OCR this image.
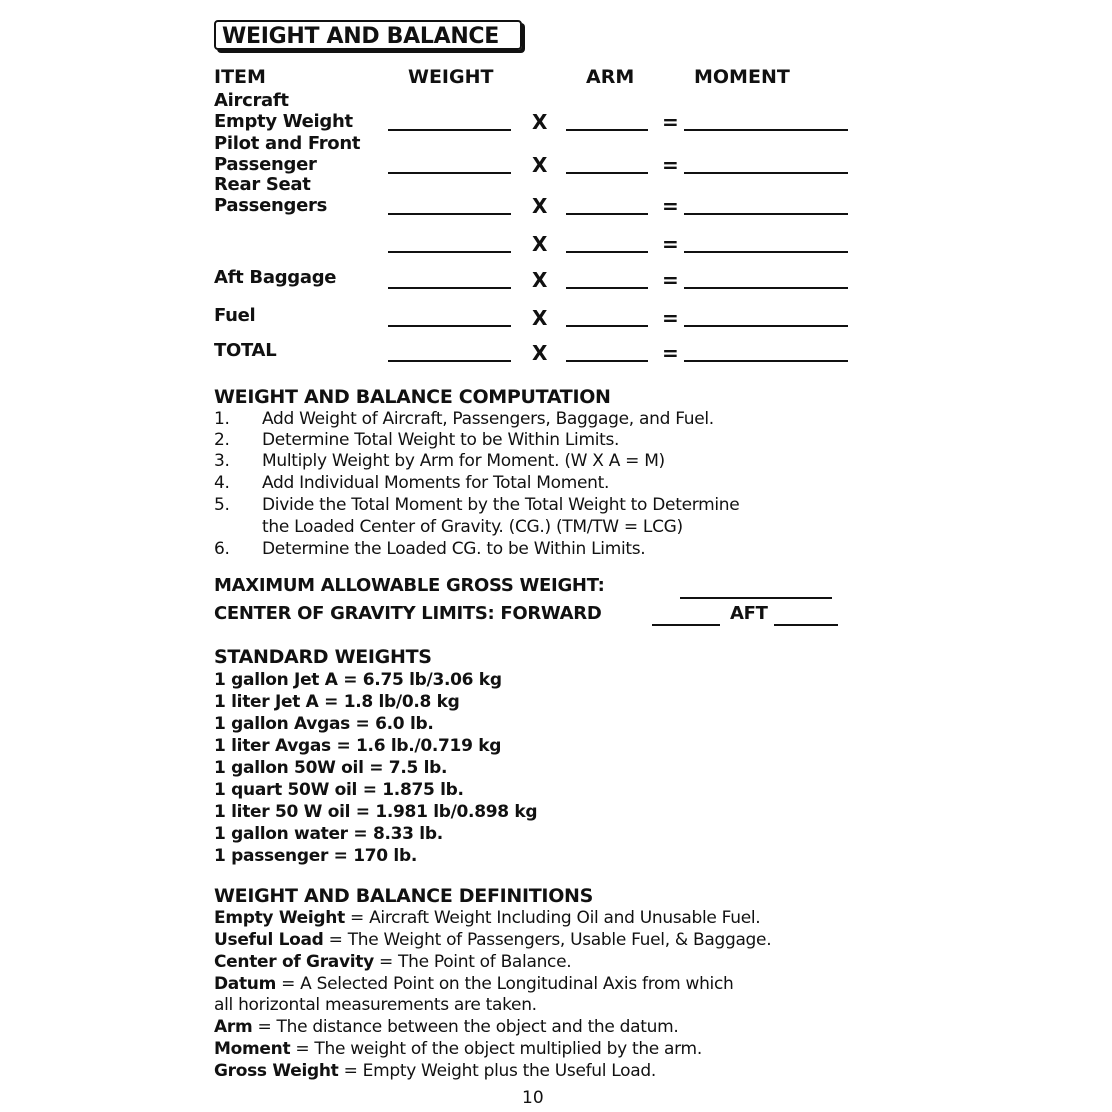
WEIGHT AND BALANCE
ITEM	WEIGHT	ARM	MOMENT
Aircraft
Empty Weight	X	=
Pilot and Front
Passenger	X	=
Rear Seat
Passengers	X	=
X	=
Aft Baggage	X	=
Fuel	X	=
TOTAL	X	=
WEIGHT AND BALANCE COMPUTATION
1. Add Weight of Aircraft, Passengers, Baggage, and Fuel.
2. Determine Total Weight to be Within Limits.
3. Multiply Weight by Arm for Moment. (W X A = M)
4. Add Individual Moments for Total Moment.
5. Divide the Total Moment by the Total Weight to Determine
the Loaded Center of Gravity. (CG.) (TM/TW = LCG)
6. Determine the Loaded CG. to be Within Limits.
MAXIMUM ALLOWABLE GROSS WEIGHT:
CENTER OF GRAVITY LIMITS: FORWARD	AFT
STANDARD WEIGHTS
1 gallon Jet A = 6.75 lb/3.06 kg
1 liter Jet A = 1.8 lb/0.8 kg
1 gallon Avgas = 6.0 lb.
1 liter Avgas = 1.6 lb./0.719 kg
1 gallon 50W oil = 7.5 lb.
1 quart 50W oil = 1.875 lb.
1 liter 50 W oil = 1.981 lb/0.898 kg
1 gallon water = 8.33 lb.
1 passenger = 170 lb.
WEIGHT AND BALANCE DEFINITIONS
Empty Weight = Aircraft Weight Including Oil and Unusable Fuel.
Useful Load = The Weight of Passengers, Usable Fuel, & Baggage.
Center of Gravity = The Point of Balance.
Datum = A Selected Point on the Longitudinal Axis from which
all horizontal measurements are taken.
Arm = The distance between the object and the datum.
Moment = The weight of the object multiplied by the arm.
Gross Weight = Empty Weight plus the Useful Load.
10
